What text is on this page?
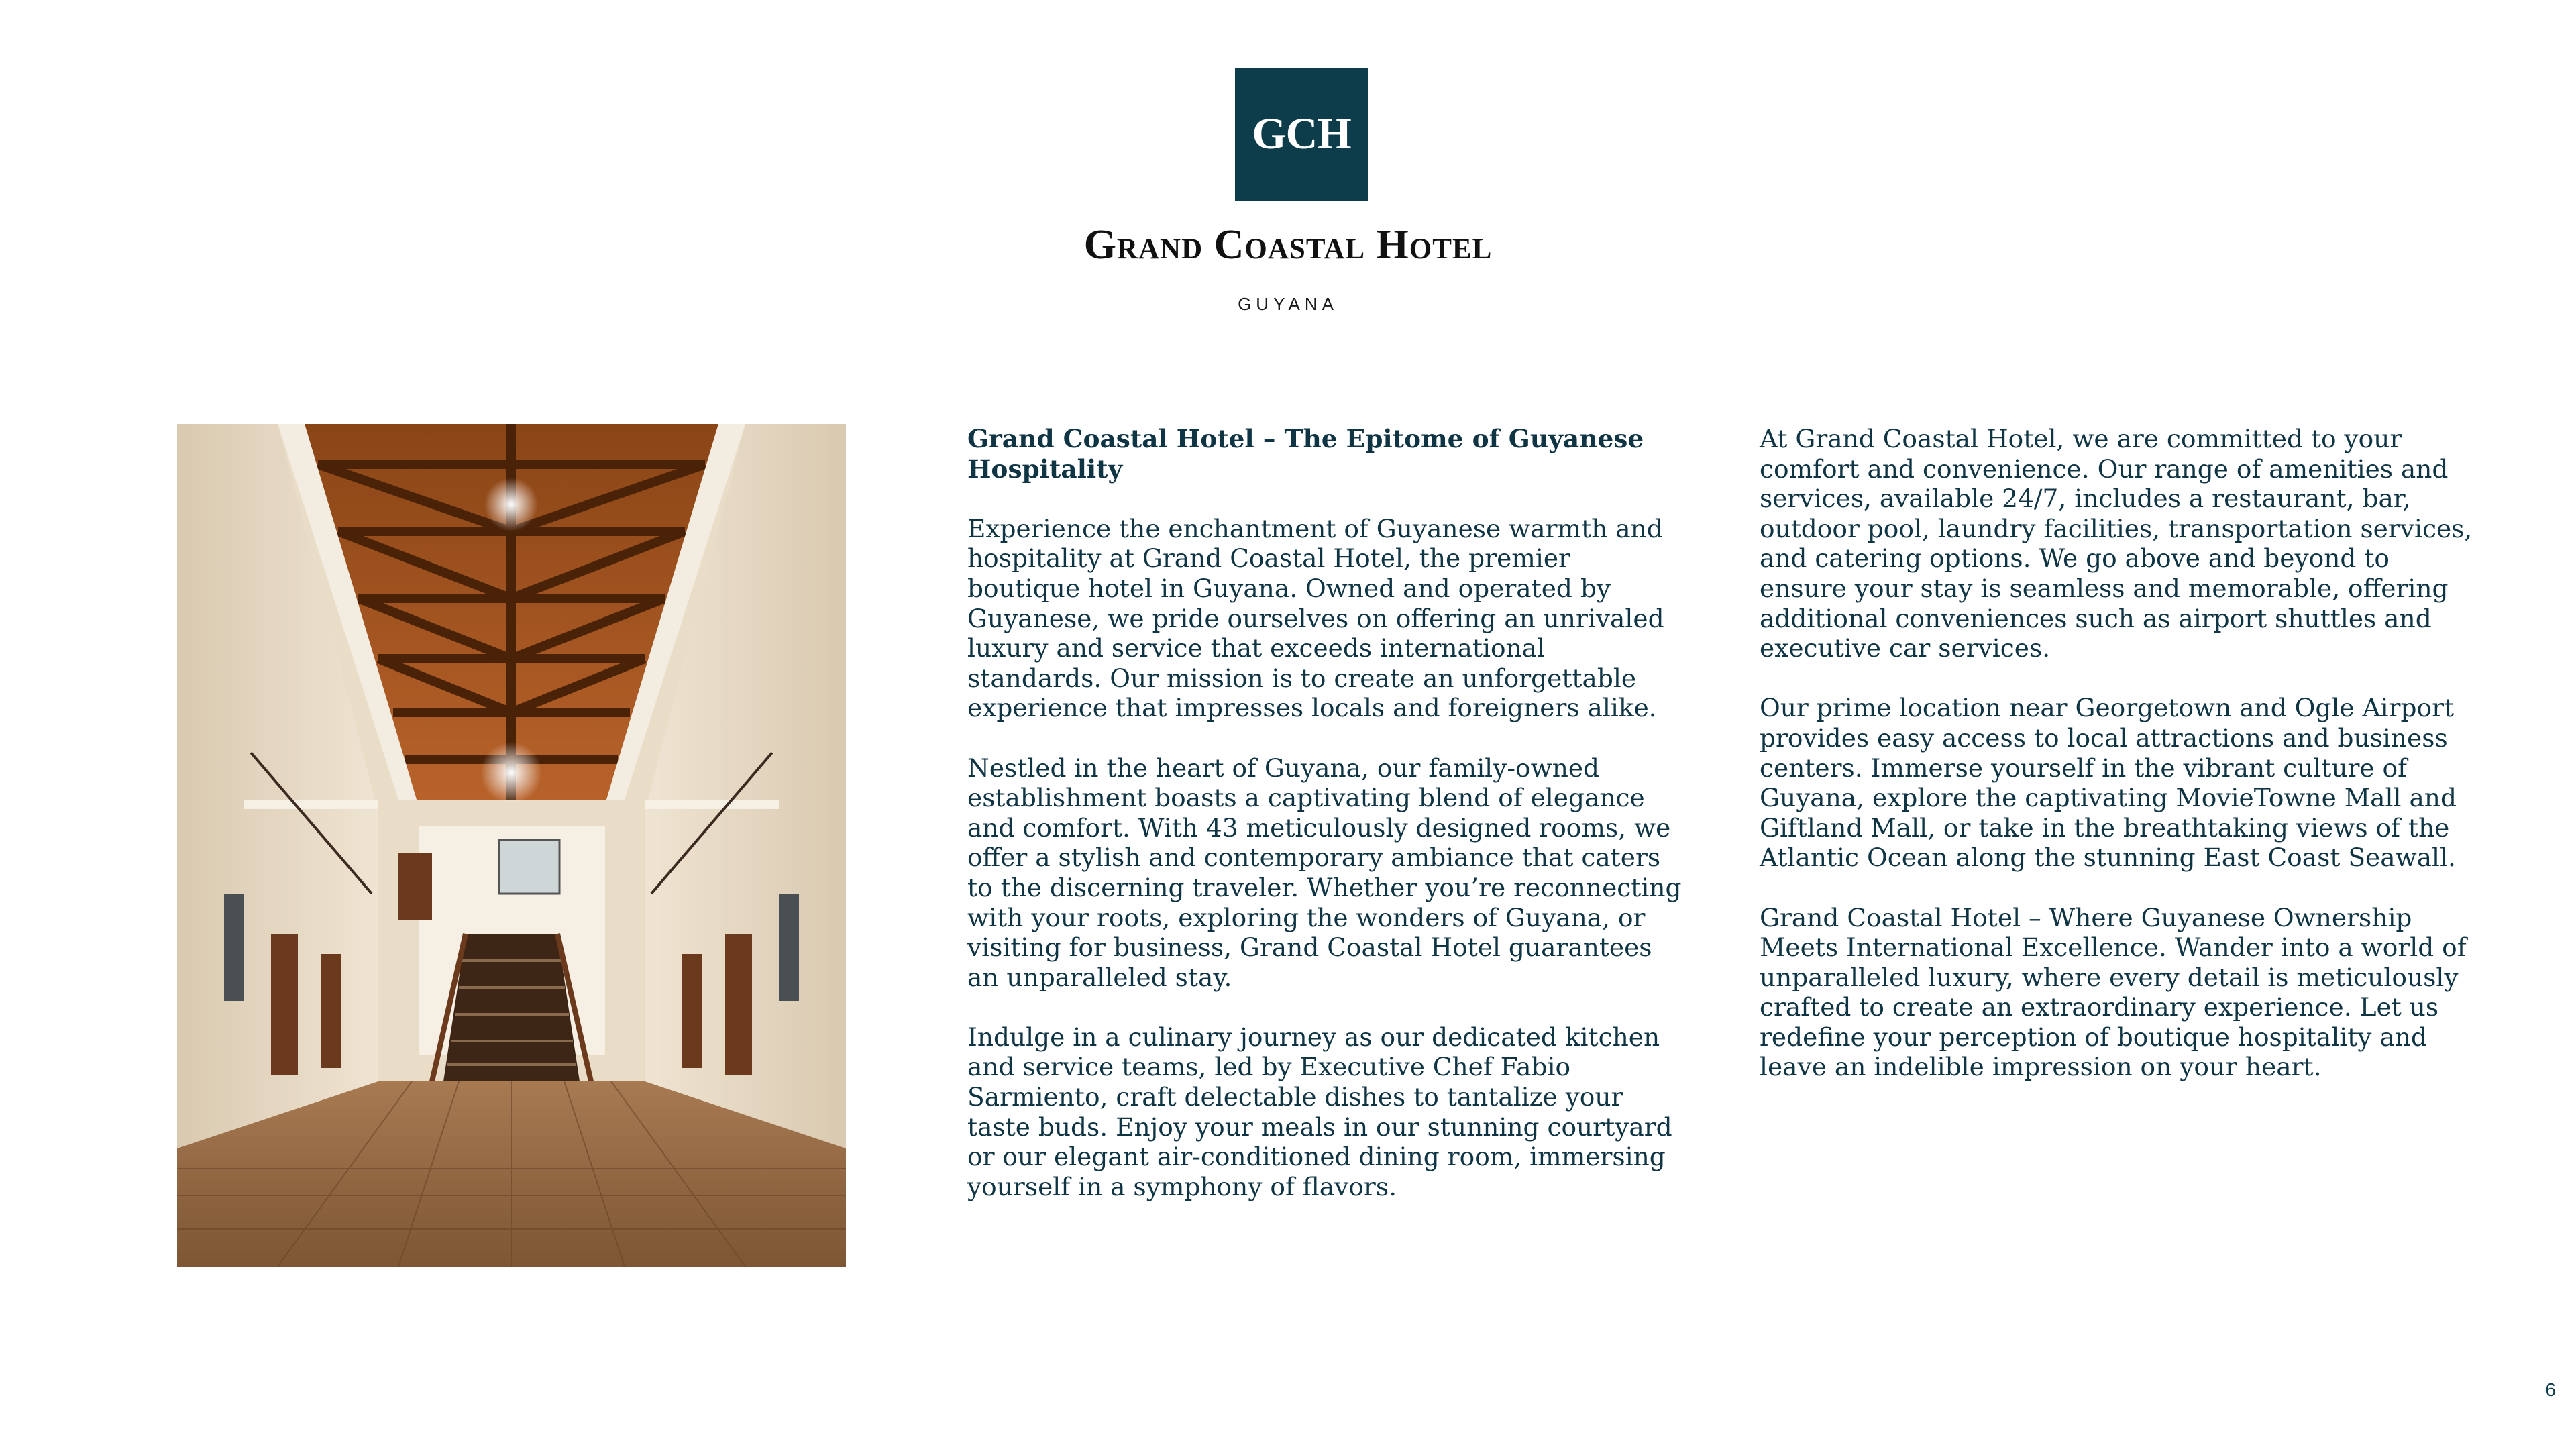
GCH
Grand Coastal Hotel
GUYANA

Grand Coastal Hotel – The Epitome of Guyanese Hospitality

Experience the enchantment of Guyanese warmth and hospitality at Grand Coastal Hotel, the premier boutique hotel in Guyana. Owned and operated by Guyanese, we pride ourselves on offering an unrivaled luxury and service that exceeds international standards. Our mission is to create an unforgettable experience that impresses locals and foreigners alike.

Nestled in the heart of Guyana, our family-owned establishment boasts a captivating blend of elegance and comfort. With 43 meticulously designed rooms, we offer a stylish and contemporary ambiance that caters to the discerning traveler. Whether you’re reconnecting with your roots, exploring the wonders of Guyana, or visiting for business, Grand Coastal Hotel guarantees an unparalleled stay.

Indulge in a culinary journey as our dedicated kitchen and service teams, led by Executive Chef Fabio Sarmiento, craft delectable dishes to tantalize your taste buds. Enjoy your meals in our stunning courtyard or our elegant air-conditioned dining room, immersing yourself in a symphony of flavors.

At Grand Coastal Hotel, we are committed to your comfort and convenience. Our range of amenities and services, available 24/7, includes a restaurant, bar, outdoor pool, laundry facilities, transportation services, and catering options. We go above and beyond to ensure your stay is seamless and memorable, offering additional conveniences such as airport shuttles and executive car services.

Our prime location near Georgetown and Ogle Airport provides easy access to local attractions and business centers. Immerse yourself in the vibrant culture of Guyana, explore the captivating MovieTowne Mall and Giftland Mall, or take in the breathtaking views of the Atlantic Ocean along the stunning East Coast Seawall.

Grand Coastal Hotel – Where Guyanese Ownership Meets International Excellence. Wander into a world of unparalleled luxury, where every detail is meticulously crafted to create an extraordinary experience. Let us redefine your perception of boutique hospitality and leave an indelible impression on your heart.

6
